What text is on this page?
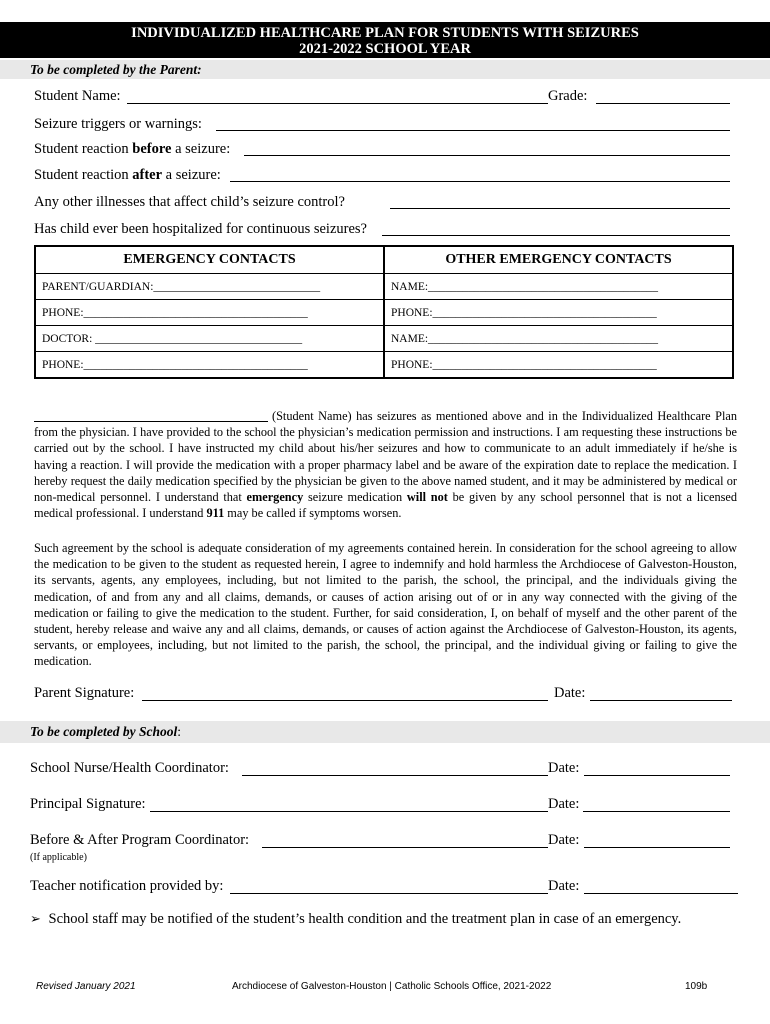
INDIVIDUALIZED HEALTHCARE PLAN FOR STUDENTS WITH SEIZURES
2021-2022 SCHOOL YEAR
To be completed by the Parent:
Student Name:	Grade:
Seizure triggers or warnings:
Student reaction before a seizure:
Student reaction after a seizure:
Any other illnesses that affect child’s seizure control?
Has child ever been hospitalized for continuous seizures?
EMERGENCY CONTACTS	OTHER EMERGENCY CONTACTS
PARENT/GUARDIAN:_____________________________	NAME:________________________________________
PHONE:_______________________________________	PHONE:_______________________________________
DOCTOR: ____________________________________	NAME:________________________________________
PHONE:_______________________________________	PHONE:_______________________________________
(Student Name) has seizures as mentioned above and in the Individualized Healthcare Plan from the physician. I have provided to the school the physician’s medication permission and instructions. I am requesting these instructions be carried out by the school. I have instructed my child about his/her seizures and how to communicate to an adult immediately if he/she is having a reaction. I will provide the medication with a proper pharmacy label and be aware of the expiration date to replace the medication. I hereby request the daily medication specified by the physician be given to the above named student, and it may be administered by medical or non-medical personnel. I understand that emergency seizure medication will not be given by any school personnel that is not a licensed medical professional. I understand 911 may be called if symptoms worsen.
Such agreement by the school is adequate consideration of my agreements contained herein. In consideration for the school agreeing to allow the medication to be given to the student as requested herein, I agree to indemnify and hold harmless the Archdiocese of Galveston-Houston, its servants, agents, any employees, including, but not limited to the parish, the school, the principal, and the individuals giving the medication, of and from any and all claims, demands, or causes of action arising out of or in any way connected with the giving of the medication or failing to give the medication to the student. Further, for said consideration, I, on behalf of myself and the other parent of the student, hereby release and waive any and all claims, demands, or causes of action against the Archdiocese of Galveston-Houston, its agents, servants, or employees, including, but not limited to the parish, the school, the principal, and the individual giving or failing to give the medication.
Parent Signature:	Date:
To be completed by School:
School Nurse/Health Coordinator:	Date:
Principal Signature:	Date:
Before & After Program Coordinator:	Date:
(If applicable)
Teacher notification provided by:	Date:
➢ School staff may be notified of the student’s health condition and the treatment plan in case of an emergency.
Revised January 2021	Archdiocese of Galveston-Houston | Catholic Schools Office, 2021-2022	109b
